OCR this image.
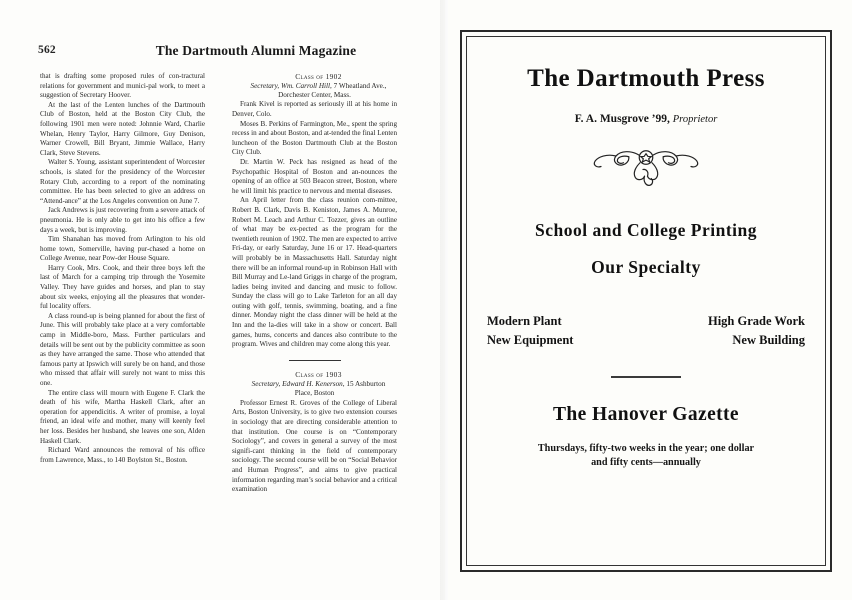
562	The Dartmouth Alumni Magazine

that is drafting some proposed rules of con-tractural relations for government and munici-pal work, to meet a suggestion of Secretary Hoover.

At the last of the Lenten lunches of the Dartmouth Club of Boston, held at the Boston City Club, the following 1901 men were noted: Johnnie Ward, Charlie Whelan, Henry Taylor, Harry Gilmore, Guy Denison, Warner Crowell, Bill Bryant, Jimmie Wallace, Harry Clark, Steve Stevens.

Walter S. Young, assistant superintendent of Worcester schools, is slated for the presidency of the Worcester Rotary Club, according to a report of the nominating committee. He has been selected to give an address on “Attend-ance” at the Los Angeles convention on June 7.

Jack Andrews is just recovering from a severe attack of pneumonia. He is only able to get into his office a few days a week, but is improving.

Tim Shanahan has moved from Arlington to his old home town, Somerville, having pur-chased a home on College Avenue, near Pow-der House Square.

Harry Cook, Mrs. Cook, and their three boys left the last of March for a camping trip through the Yosemite Valley. They have guides and horses, and plan to stay about six weeks, enjoying all the pleasures that wonder-ful locality offers.

A class round-up is being planned for about the first of June. This will probably take place at a very comfortable camp in Middle-boro, Mass. Further particulars and details will be sent out by the publicity committee as soon as they have arranged the same. Those who attended that famous party at Ipswich will surely be on hand, and those who missed that affair will surely not want to miss this one.

The entire class will mourn with Eugene F. Clark the death of his wife, Martha Haskell Clark, after an operation for appendicitis. A writer of promise, a loyal friend, an ideal wife and mother, many will keenly feel her loss. Besides her husband, she leaves one son, Alden Haskell Clark.

Richard Ward announces the removal of his office from Lawrence, Mass., to 140 Boylston St., Boston.

Class of 1902

Secretary, Wm. Carroll Hill, 7 Wheatland Ave.,
Dorchester Center, Mass.

Frank Kivel is reported as seriously ill at his home in Denver, Colo.

Moses B. Perkins of Farmington, Me., spent the spring recess in and about Boston, and at-tended the final Lenten luncheon of the Boston Dartmouth Club at the Boston City Club.

Dr. Martin W. Peck has resigned as head of the Psychopathic Hospital of Boston and an-nounces the opening of an office at 503 Beacon street, Boston, where he will limit his practice to nervous and mental diseases.

An April letter from the class reunion com-mittee, Robert B. Clark, Davis B. Keniston, James A. Munroe, Robert M. Leach and Arthur C. Tozzer, gives an outline of what may be ex-pected as the program for the twentieth reunion of 1902. The men are expected to arrive Fri-day, or early Saturday, June 16 or 17. Head-quarters will probably be in Massachusetts Hall. Saturday night there will be an informal round-up in Robinson Hall with Bill Murray and Le-land Griggs in charge of the program, ladies being invited and dancing and music to follow. Sunday the class will go to Lake Tarleton for an all day outing with golf, tennis, swimming, boating, and a fine dinner. Monday night the class dinner will be held at the Inn and the la-dies will take in a show or concert. Ball games, hums, concerts and dances also contribute to the program. Wives and children may come along this year.

Class of 1903

Secretary, Edward H. Kenerson, 15 Ashburton
Place, Boston

Professor Ernest R. Groves of the College of Liberal Arts, Boston University, is to give two extension courses in sociology that are directing considerable attention to that institution. One course is on “Contemporary Sociology”, and covers in general a survey of the most signifi-cant thinking in the field of contemporary sociology. The second course will be on “Social Behavior and Human Progress”, and aims to give practical information regarding man’s social behavior and a critical examination

The Dartmouth Press
F. A. Musgrove ’99, Proprietor
School and College Printing
Our Specialty
Modern Plant	High Grade Work
New Equipment	New Building
The Hanover Gazette
Thursdays, fifty-two weeks in the year; one dollar
and fifty cents—annually
